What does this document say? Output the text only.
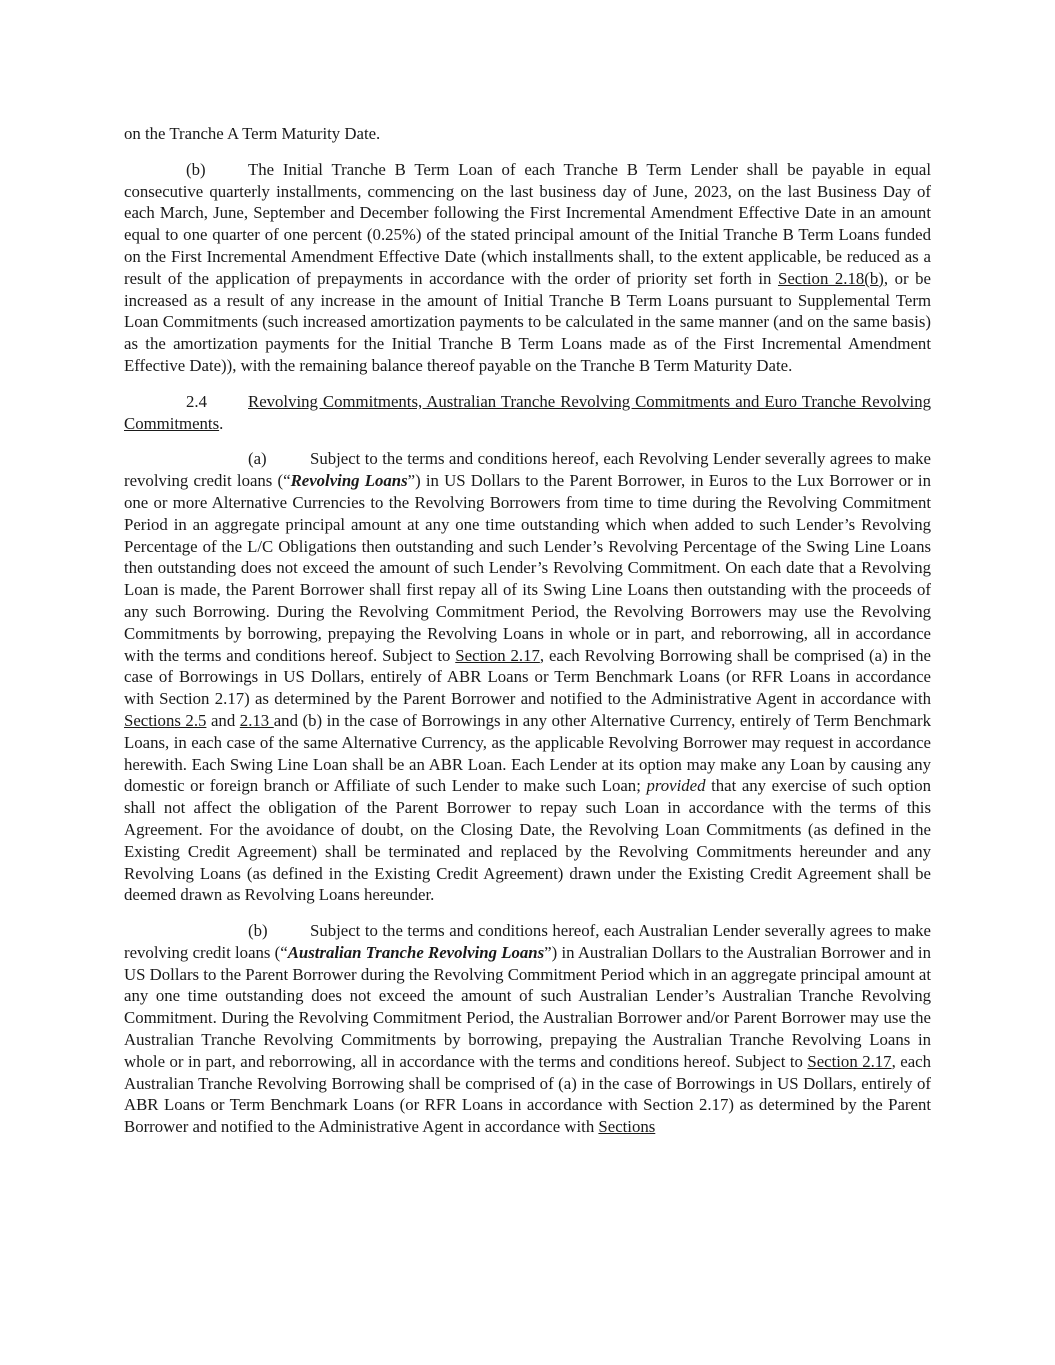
on the Tranche A Term Maturity Date.

(b)	The Initial Tranche B Term Loan of each Tranche B Term Lender shall be payable in equal consecutive quarterly installments, commencing on the last business day of June, 2023, on the last Business Day of each March, June, September and December following the First Incremental Amendment Effective Date in an amount equal to one quarter of one percent (0.25%) of the stated principal amount of the Initial Tranche B Term Loans funded on the First Incremental Amendment Effective Date (which installments shall, to the extent applicable, be reduced as a result of the application of prepayments in accordance with the order of priority set forth in Section 2.18(b), or be increased as a result of any increase in the amount of Initial Tranche B Term Loans pursuant to Supplemental Term Loan Commitments (such increased amortization payments to be calculated in the same manner (and on the same basis) as the amortization payments for the Initial Tranche B Term Loans made as of the First Incremental Amendment Effective Date)), with the remaining balance thereof payable on the Tranche B Term Maturity Date.

2.4 Revolving Commitments, Australian Tranche Revolving Commitments and Euro Tranche Revolving Commitments.

(a)	Subject to the terms and conditions hereof, each Revolving Lender severally agrees to make revolving credit loans (“Revolving Loans”) in US Dollars to the Parent Borrower, in Euros to the Lux Borrower or in one or more Alternative Currencies to the Revolving Borrowers from time to time during the Revolving Commitment Period in an aggregate principal amount at any one time outstanding which when added to such Lender’s Revolving Percentage of the L/C Obligations then outstanding and such Lender’s Revolving Percentage of the Swing Line Loans then outstanding does not exceed the amount of such Lender’s Revolving Commitment. On each date that a Revolving Loan is made, the Parent Borrower shall first repay all of its Swing Line Loans then outstanding with the proceeds of any such Borrowing. During the Revolving Commitment Period, the Revolving Borrowers may use the Revolving Commitments by borrowing, prepaying the Revolving Loans in whole or in part, and reborrowing, all in accordance with the terms and conditions hereof. Subject to Section 2.17, each Revolving Borrowing shall be comprised (a) in the case of Borrowings in US Dollars, entirely of ABR Loans or Term Benchmark Loans (or RFR Loans in accordance with Section 2.17) as determined by the Parent Borrower and notified to the Administrative Agent in accordance with Sections 2.5 and 2.13 and (b) in the case of Borrowings in any other Alternative Currency, entirely of Term Benchmark Loans, in each case of the same Alternative Currency, as the applicable Revolving Borrower may request in accordance herewith. Each Swing Line Loan shall be an ABR Loan. Each Lender at its option may make any Loan by causing any domestic or foreign branch or Affiliate of such Lender to make such Loan; provided that any exercise of such option shall not affect the obligation of the Parent Borrower to repay such Loan in accordance with the terms of this Agreement. For the avoidance of doubt, on the Closing Date, the Revolving Loan Commitments (as defined in the Existing Credit Agreement) shall be terminated and replaced by the Revolving Commitments hereunder and any Revolving Loans (as defined in the Existing Credit Agreement) drawn under the Existing Credit Agreement shall be deemed drawn as Revolving Loans hereunder.

(b)	Subject to the terms and conditions hereof, each Australian Lender severally agrees to make revolving credit loans (“Australian Tranche Revolving Loans”) in Australian Dollars to the Australian Borrower and in US Dollars to the Parent Borrower during the Revolving Commitment Period which in an aggregate principal amount at any one time outstanding does not exceed the amount of such Australian Lender’s Australian Tranche Revolving Commitment. During the Revolving Commitment Period, the Australian Borrower and/or Parent Borrower may use the Australian Tranche Revolving Commitments by borrowing, prepaying the Australian Tranche Revolving Loans in whole or in part, and reborrowing, all in accordance with the terms and conditions hereof. Subject to Section 2.17, each Australian Tranche Revolving Borrowing shall be comprised of (a) in the case of Borrowings in US Dollars, entirely of ABR Loans or Term Benchmark Loans (or RFR Loans in accordance with Section 2.17) as determined by the Parent Borrower and notified to the Administrative Agent in accordance with Sections
